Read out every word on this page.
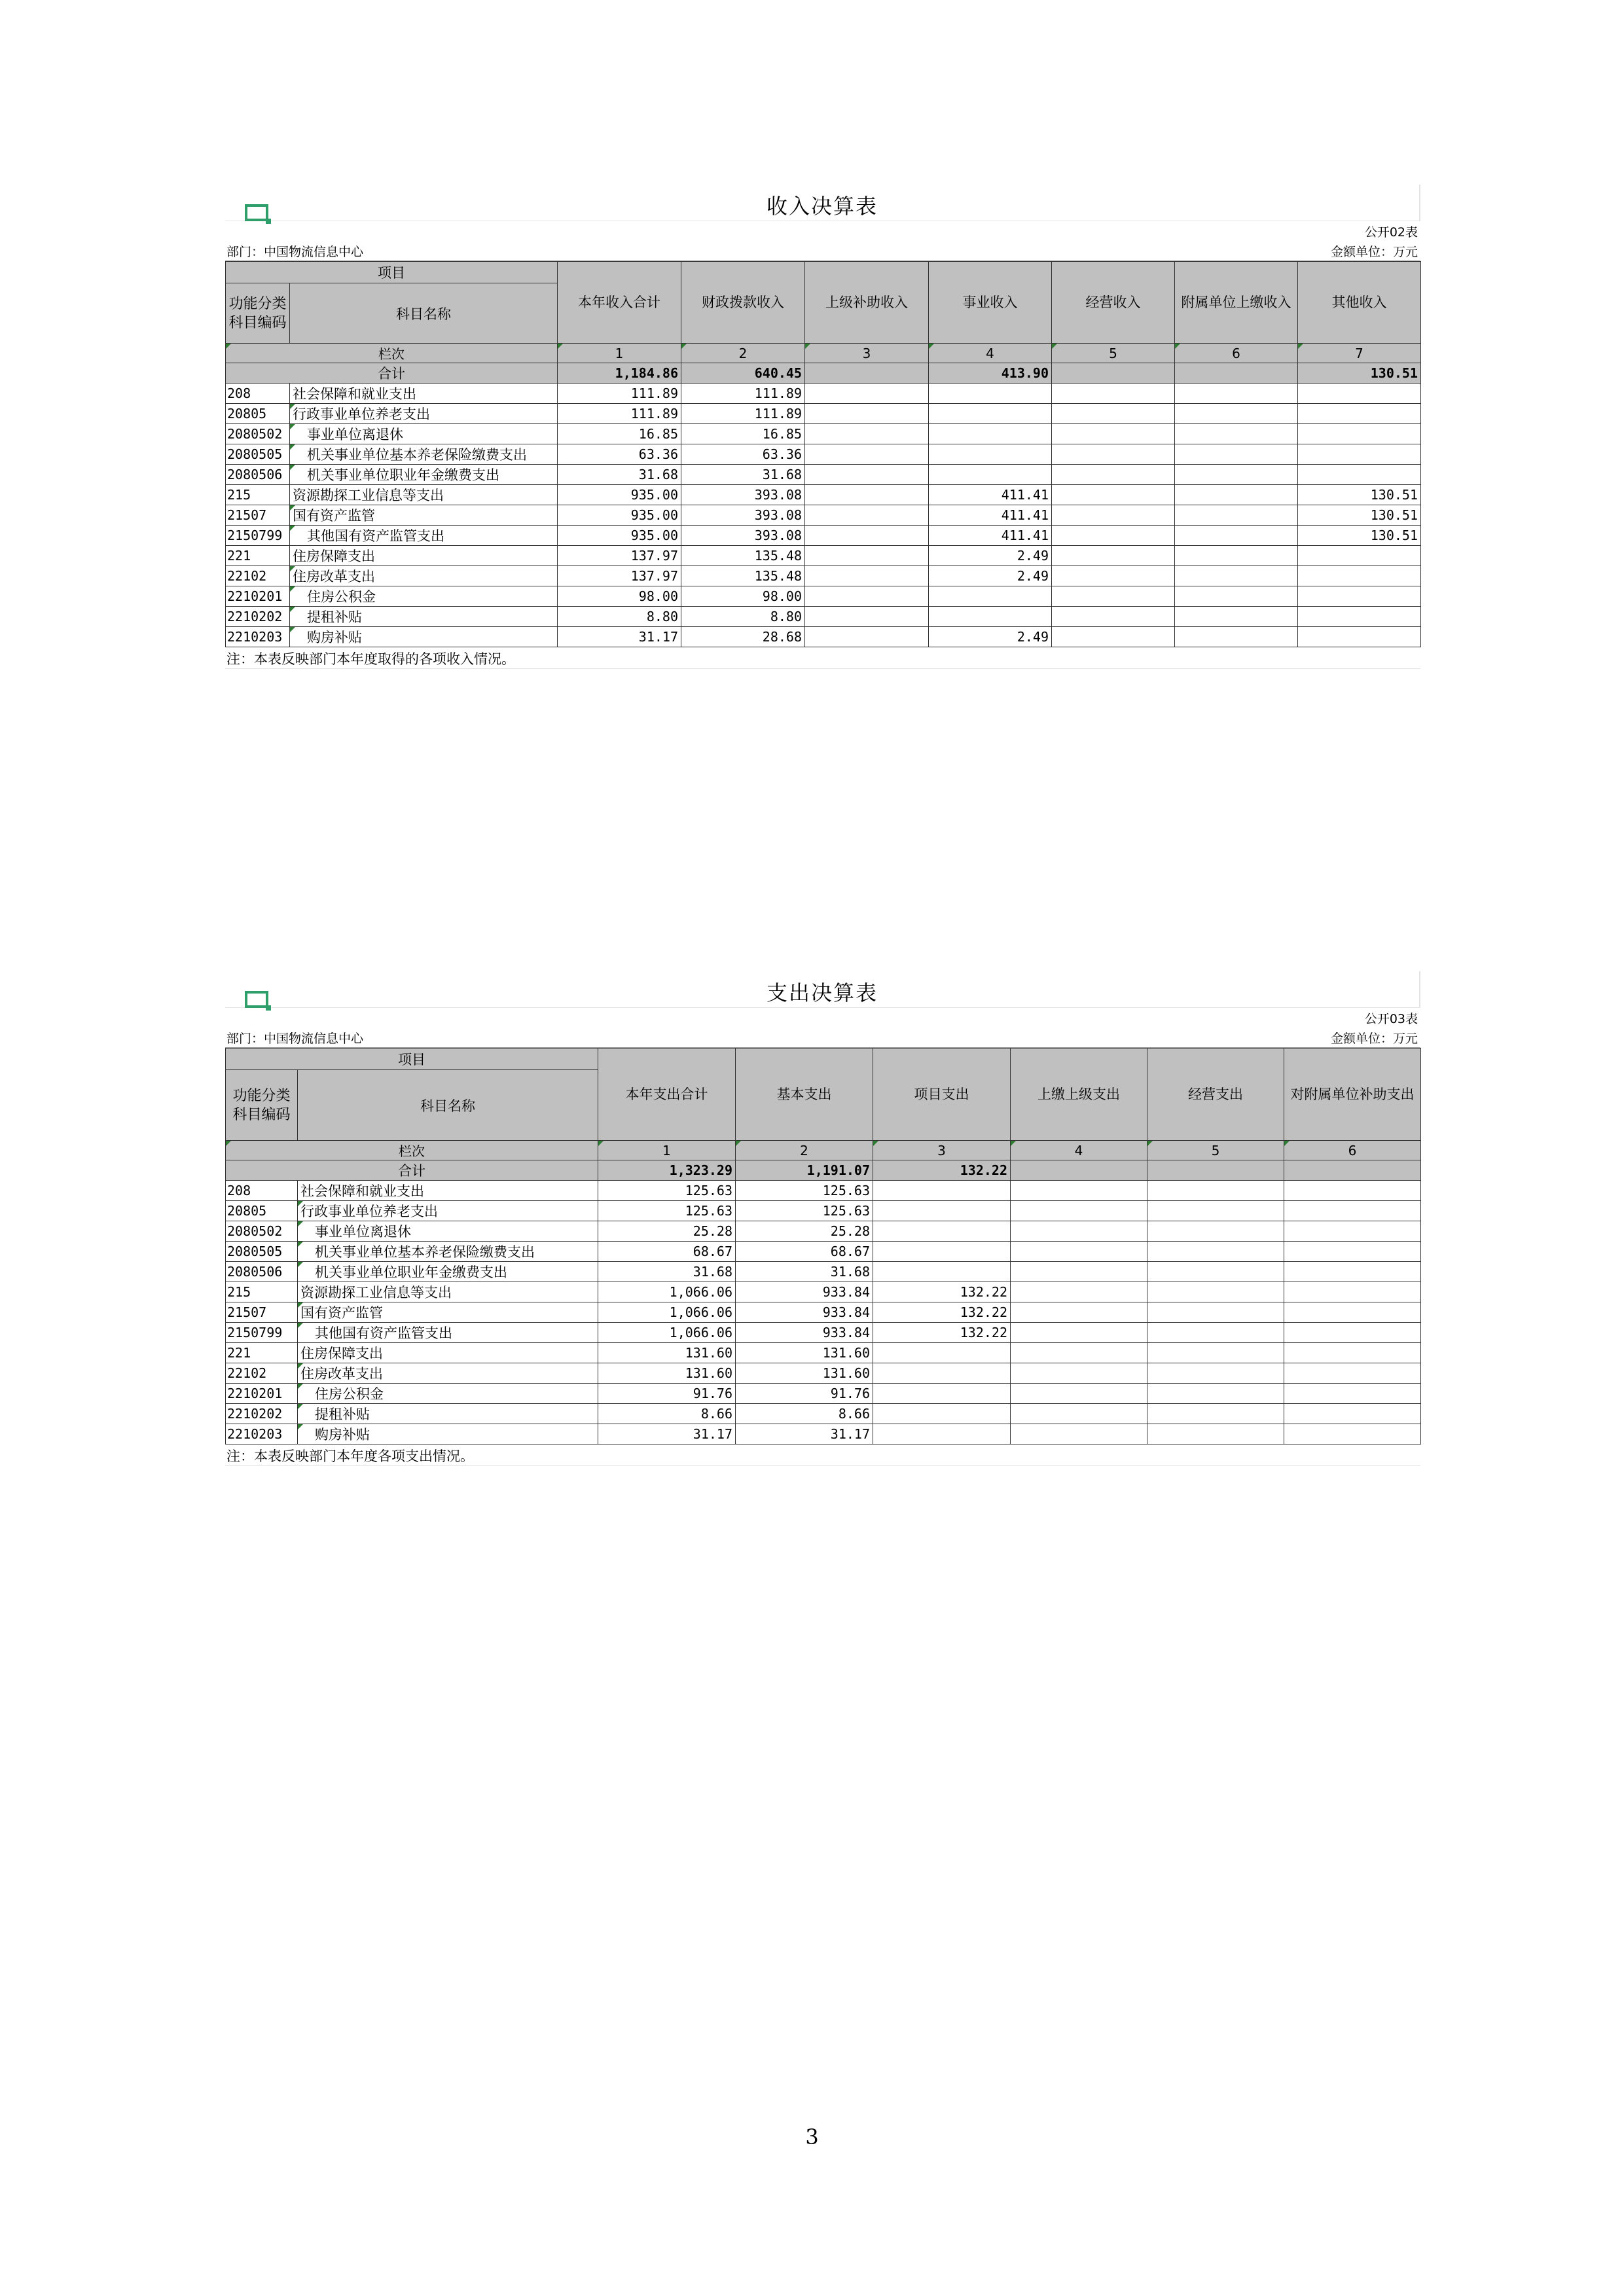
收入决算表
公开02表
部门：中国物流信息中心	金额单位：万元
项目		本年收入合计	财政拨款收入	上级补助收入	事业收入	经营收入	附属单位上缴收入	其他收入
功能分类科目编码	科目名称							
栏次		1	2	3	4	5	6	7
合计		1,184.86	640.45		413.90			130.51
208	社会保障和就业支出	111.89	111.89					
20805	行政事业单位养老支出	111.89	111.89					
2080502	事业单位离退休	16.85	16.85					
2080505	机关事业单位基本养老保险缴费支出	63.36	63.36					
2080506	机关事业单位职业年金缴费支出	31.68	31.68					
215	资源勘探工业信息等支出	935.00	393.08		411.41			130.51
21507	国有资产监管	935.00	393.08		411.41			130.51
2150799	其他国有资产监管支出	935.00	393.08		411.41			130.51
221	住房保障支出	137.97	135.48		2.49			
22102	住房改革支出	137.97	135.48		2.49			
2210201	住房公积金	98.00	98.00					
2210202	提租补贴	8.80	8.80					
2210203	购房补贴	31.17	28.68		2.49			
注：本表反映部门本年度取得的各项收入情况。
支出决算表
公开03表
部门：中国物流信息中心	金额单位：万元
项目		本年支出合计	基本支出	项目支出	上缴上级支出	经营支出	对附属单位补助支出
功能分类科目编码	科目名称						
栏次		1	2	3	4	5	6
合计		1,323.29	1,191.07	132.22			
208	社会保障和就业支出	125.63	125.63				
20805	行政事业单位养老支出	125.63	125.63				
2080502	事业单位离退休	25.28	25.28				
2080505	机关事业单位基本养老保险缴费支出	68.67	68.67				
2080506	机关事业单位职业年金缴费支出	31.68	31.68				
215	资源勘探工业信息等支出	1,066.06	933.84	132.22			
21507	国有资产监管	1,066.06	933.84	132.22			
2150799	其他国有资产监管支出	1,066.06	933.84	132.22			
221	住房保障支出	131.60	131.60				
22102	住房改革支出	131.60	131.60				
2210201	住房公积金	91.76	91.76				
2210202	提租补贴	8.66	8.66				
2210203	购房补贴	31.17	31.17				
注：本表反映部门本年度各项支出情况。
3
